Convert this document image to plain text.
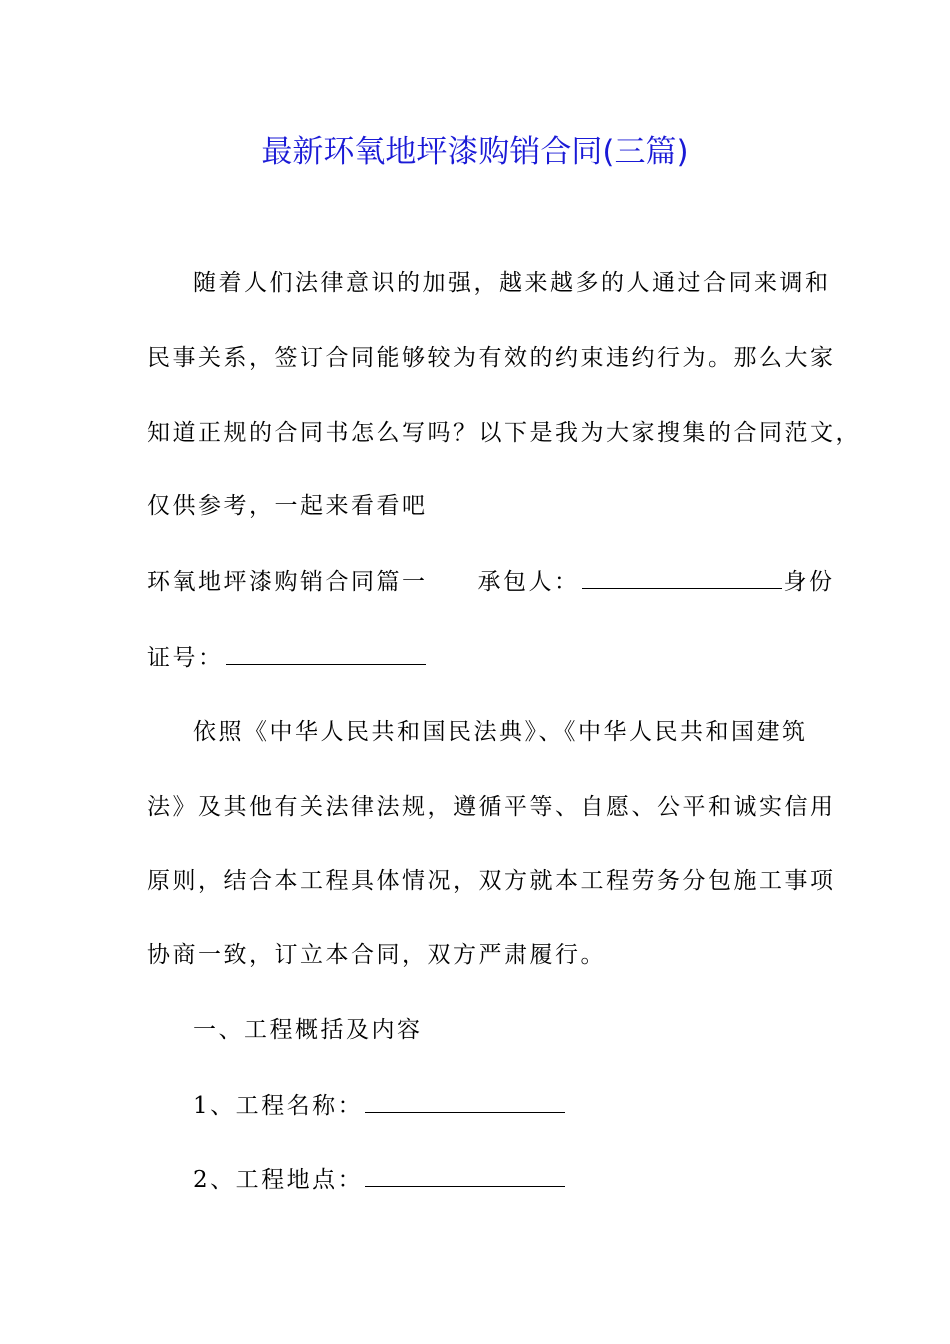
最新环氧地坪漆购销合同(三篇)
随着人们法律意识的加强，越来越多的人通过合同来调和
民事关系，签订合同能够较为有效的约束违约行为。那么大家
知道正规的合同书怎么写吗？以下是我为大家搜集的合同范文，
仅供参考，一起来看看吧
环氧地坪漆购销合同篇一 承包人：	身份
证号：
依照《中华人民共和国民法典》、《中华人民共和国建筑
法》及其他有关法律法规，遵循平等、自愿、公平和诚实信用
原则，结合本工程具体情况，双方就本工程劳务分包施工事项
协商一致，订立本合同，双方严肃履行。
一、工程概括及内容
1、工程名称：
2、工程地点：
